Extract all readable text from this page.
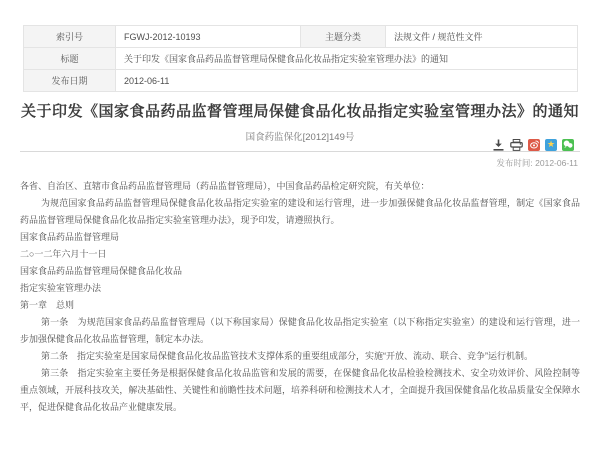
索引号	FGWJ-2012-10193	主题分类	法规文件 / 规范性文件
标题	关于印发《国家食品药品监督管理局保健食品化妆品指定实验室管理办法》的通知		
发布日期	2012-06-11		
关于印发《国家食品药品监督管理局保健食品化妆品指定实验室管理办法》的通知
国食药监保化[2012]149号
★
发布时间: 2012-06-11

各省、自治区、直辖市食品药品监督管理局（药品监督管理局），中国食品药品检定研究院，有关单位：

为规范国家食品药品监督管理局保健食品化妆品指定实验室的建设和运行管理，进一步加强保健食品化妆品监督管理，制定《国家食品药品监督管理局保健食品化妆品指定实验室管理办法》，现予印发，请遵照执行。

国家食品药品监督管理局

二○一二年六月十一日

国家食品药品监督管理局保健食品化妆品

指定实验室管理办法

第一章　总则

第一条　为规范国家食品药品监督管理局（以下称国家局）保健食品化妆品指定实验室（以下称指定实验室）的建设和运行管理，进一步加强保健食品化妆品监督管理，制定本办法。

第二条　指定实验室是国家局保健食品化妆品监管技术支撑体系的重要组成部分，实施“开放、流动、联合、竞争”运行机制。

第三条　指定实验室主要任务是根据保健食品化妆品监管和发展的需要，在保健食品化妆品检验检测技术、安全功效评价、风险控制等重点领域，开展科技攻关，解决基础性、关键性和前瞻性技术问题，培养科研和检测技术人才，全面提升我国保健食品化妆品质量安全保障水平，促进保健食品化妆品产业健康发展。
